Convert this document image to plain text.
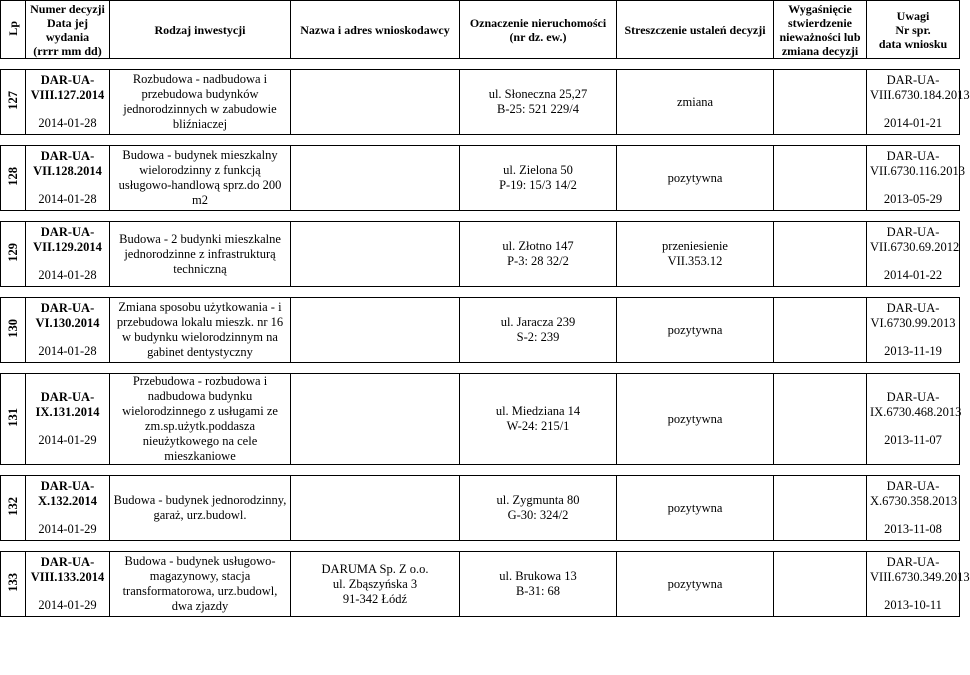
Lp	Numer decyzji
Data jej wydania
(rrrr mm dd)	Rodzaj inwestycji	Nazwa i adres wnioskodawcy	Oznaczenie nieruchomości
(nr dz. ew.)	Streszczenie ustaleń decyzji	Wygaśnięcie
stwierdzenie
nieważności lub
zmiana decyzji	Uwagi
Nr spr.
data wniosku

127	DAR-UA-
VIII.127.2014
2014-01-28	Rozbudowa - nadbudowa i przebudowa budynków jednorodzinnych w zabudowie bliźniaczej		ul. Słoneczna 25,27
B-25: 521 229/4	zmiana		DAR-UA-
VIII.6730.184.2013
2014-01-21

128	DAR-UA-
VII.128.2014
2014-01-28	Budowa - budynek mieszkalny wielorodzinny z funkcją usługowo-handlową sprz.do 200 m2		ul. Zielona 50
P-19: 15/3 14/2	pozytywna		DAR-UA-
VII.6730.116.2013
2013-05-29

129	DAR-UA-
VII.129.2014
2014-01-28	Budowa - 2 budynki mieszkalne jednorodzinne z infrastrukturą techniczną		ul. Złotno 147
P-3: 28 32/2	przeniesienie
VII.353.12		DAR-UA-
VII.6730.69.2012
2014-01-22

130	DAR-UA-
VI.130.2014
2014-01-28	Zmiana sposobu użytkowania - i przebudowa lokalu mieszk. nr 16 w budynku wielorodzinnym na gabinet dentystyczny		ul. Jaracza 239
S-2: 239	pozytywna		DAR-UA-
VI.6730.99.2013
2013-11-19

131	DAR-UA-
IX.131.2014
2014-01-29	Przebudowa - rozbudowa i nadbudowa budynku wielorodzinnego z usługami ze zm.sp.użytk.poddasza nieużytkowego na cele mieszkaniowe		ul. Miedziana 14
W-24: 215/1	pozytywna		DAR-UA-
IX.6730.468.2013
2013-11-07

132	DAR-UA-
X.132.2014
2014-01-29	Budowa - budynek jednorodzinny, garaż, urz.budowl.		ul. Zygmunta 80
G-30: 324/2	pozytywna		DAR-UA-
X.6730.358.2013
2013-11-08

133	DAR-UA-
VIII.133.2014
2014-01-29	Budowa - budynek usługowo-magazynowy, stacja transformatorowa, urz.budowl, dwa zjazdy	DARUMA Sp. Z o.o.
ul. Zbąszyńska 3
91-342 Łódź	ul. Brukowa 13
B-31: 68	pozytywna		DAR-UA-
VIII.6730.349.2013
2013-10-11
